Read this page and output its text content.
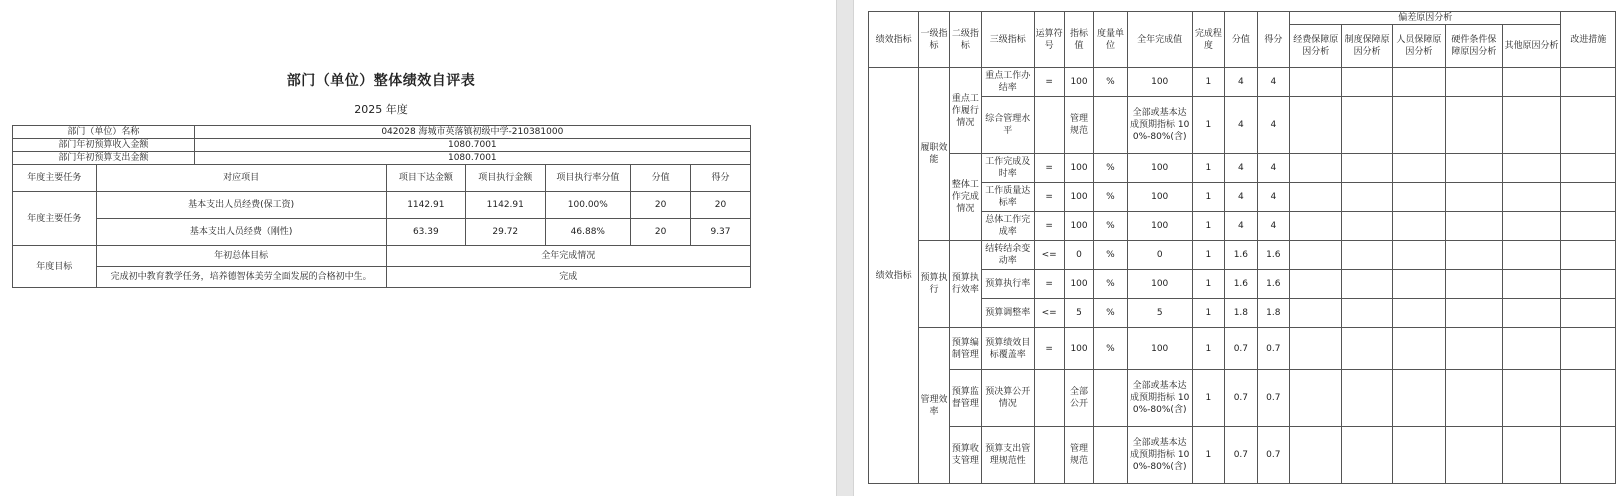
部门（单位）整体绩效自评表
2025 年度
部门（单位）名称		042028 海城市英落镇初级中学-210381000					
部门年初预算收入金额		1080.7001					
部门年初预算支出金额		1080.7001					
年度主要任务	对应项目		项目下达金额	项目执行金额	项目执行率分值	分值	得分
年度主要任务	基本支出人员经费(保工资)		1142.91	1142.91	100.00%	20	20
	基本支出人员经费（刚性)		63.39	29.72	46.88%	20	9.37
年度目标	年初总体目标		全年完成情况				
	完成初中教育教学任务，培养德智体美劳全面发展的合格初中生。		完成				
绩效指标	一级指标	二级指标	三级指标	运算符号	指标值	度量单位	全年完成值	完成程度	分值	得分	偏差原因分析					改进措施
											经费保障原因分析	制度保障原因分析	人员保障原因分析	硬件条件保障原因分析	其他原因分析	
绩效指标	履职效能	重点工作履行情况	重点工作办结率	=	100	%	100	1	4	4						
			综合管理水平		管理规范		全部或基本达成预期指标 100%-80%(含)	1	4	4						
		整体工作完成情况	工作完成及时率	=	100	%	100	1	4	4						
			工作质量达标率	=	100	%	100	1	4	4						
			总体工作完成率	=	100	%	100	1	4	4						
	预算执行	预算执行效率	结转结余变动率	<=	0	%	0	1	1.6	1.6						
			预算执行率	=	100	%	100	1	1.6	1.6						
			预算调整率	<=	5	%	5	1	1.8	1.8						
	管理效率	预算编制管理	预算绩效目标覆盖率	=	100	%	100	1	0.7	0.7						
		预算监督管理	预决算公开情况		全部公开		全部或基本达成预期指标 100%-80%(含)	1	0.7	0.7						
		预算收支管理	预算支出管理规范性		管理规范		全部或基本达成预期指标 100%-80%(含)	1	0.7	0.7						
